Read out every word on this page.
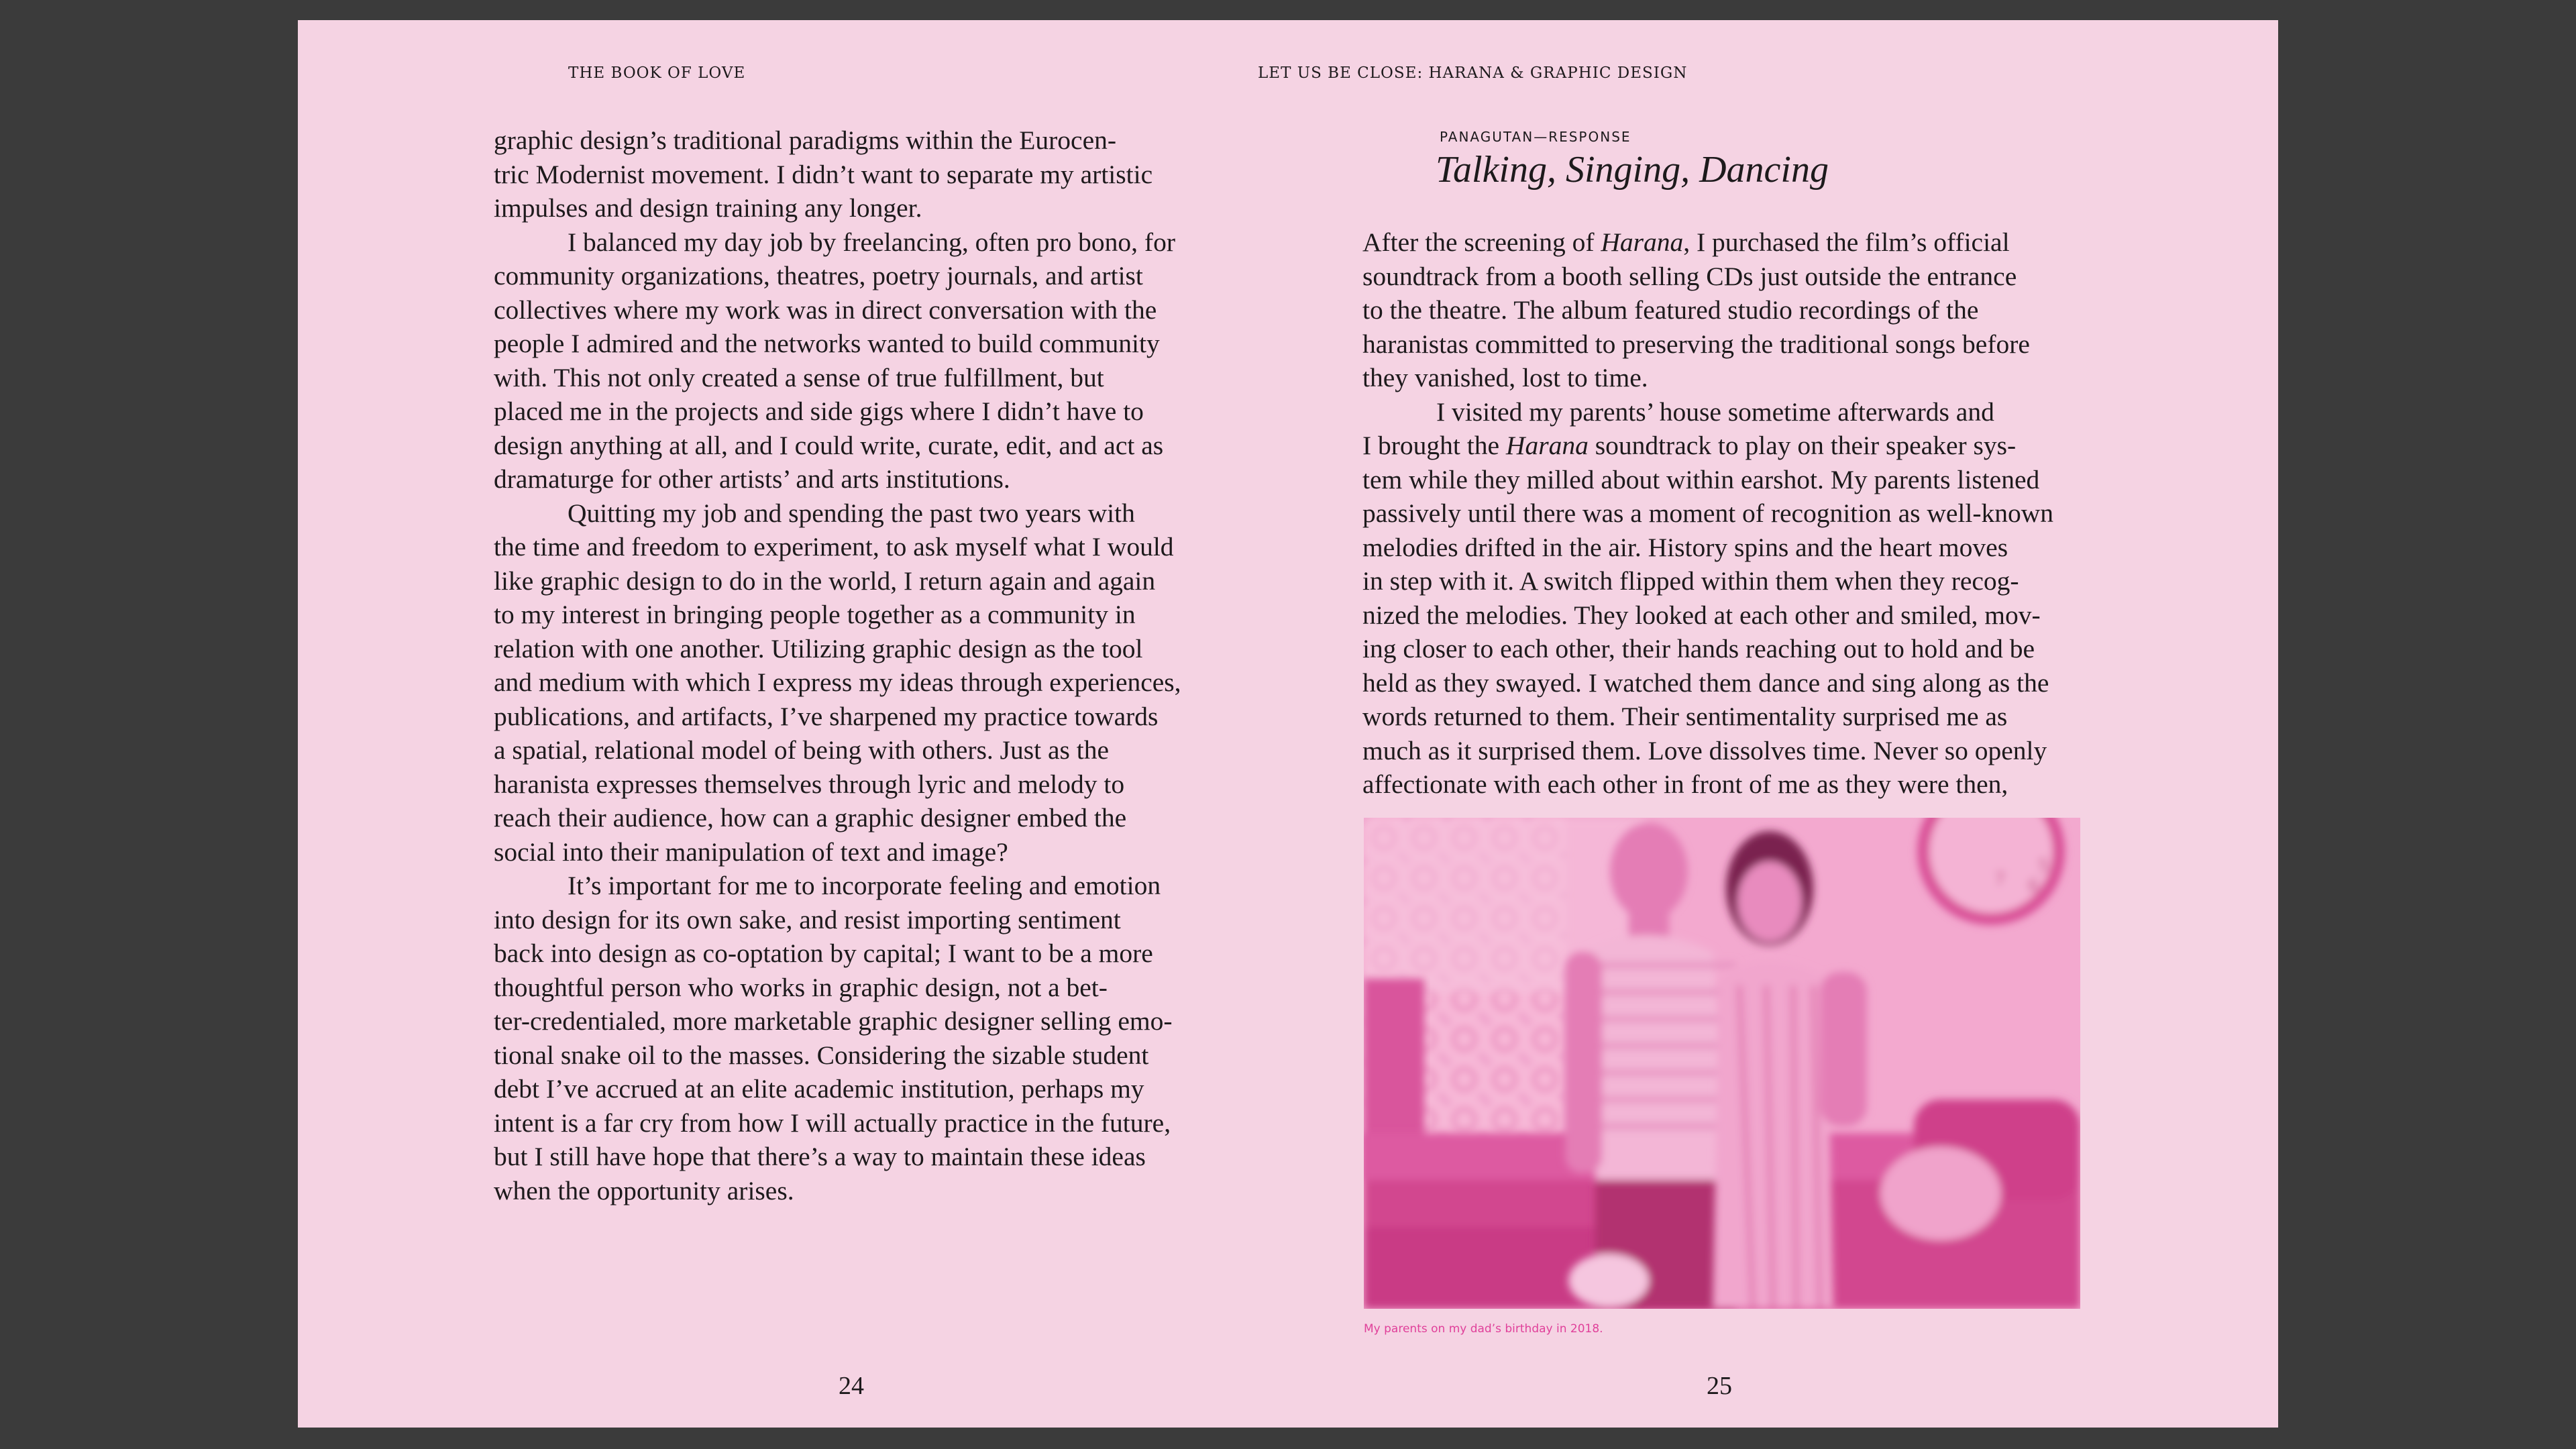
THE BOOK OF LOVE
graphic design’s traditional paradigms within the Eurocen-
tric Modernist movement. I didn’t want to separate my artistic
impulses and design training any longer.
I balanced my day job by freelancing, often pro bono, for
community organizations, theatres, poetry journals, and artist
collectives where my work was in direct conversation with the
people I admired and the networks wanted to build community
with. This not only created a sense of true fulfillment, but
placed me in the projects and side gigs where I didn’t have to
design anything at all, and I could write, curate, edit, and act as
dramaturge for other artists’ and arts institutions.
Quitting my job and spending the past two years with
the time and freedom to experiment, to ask myself what I would
like graphic design to do in the world, I return again and again
to my interest in bringing people together as a community in
relation with one another. Utilizing graphic design as the tool
and medium with which I express my ideas through experiences,
publications, and artifacts, I’ve sharpened my practice towards
a spatial, relational model of being with others. Just as the
haranista expresses themselves through lyric and melody to
reach their audience, how can a graphic designer embed the
social into their manipulation of text and image?
It’s important for me to incorporate feeling and emotion
into design for its own sake, and resist importing sentiment
back into design as co-optation by capital; I want to be a more
thoughtful person who works in graphic design, not a bet-
ter-credentialed, more marketable graphic designer selling emo-
tional snake oil to the masses. Considering the sizable student
debt I’ve accrued at an elite academic institution, perhaps my
intent is a far cry from how I will actually practice in the future,
but I still have hope that there’s a way to maintain these ideas
when the opportunity arises.
24
LET US BE CLOSE: HARANA & GRAPHIC DESIGN
PANAGUTAN—RESPONSE
Talking, Singing, Dancing
After the screening of Harana, I purchased the film’s official
soundtrack from a booth selling CDs just outside the entrance
to the theatre. The album featured studio recordings of the
haranistas committed to preserving the traditional songs before
they vanished, lost to time.
I visited my parents’ house sometime afterwards and
I brought the Harana soundtrack to play on their speaker sys-
tem while they milled about within earshot. My parents listened
passively until there was a moment of recognition as well-known
melodies drifted in the air. History spins and the heart moves
in step with it. A switch flipped within them when they recog-
nized the melodies. They looked at each other and smiled, mov-
ing closer to each other, their hands reaching out to hold and be
held as they swayed. I watched them dance and sing along as the
words returned to them. Their sentimentality surprised me as
much as it surprised them. Love dissolves time. Never so openly
affectionate with each other in front of me as they were then,
6
7
5
My parents on my dad’s birthday in 2018.
25
